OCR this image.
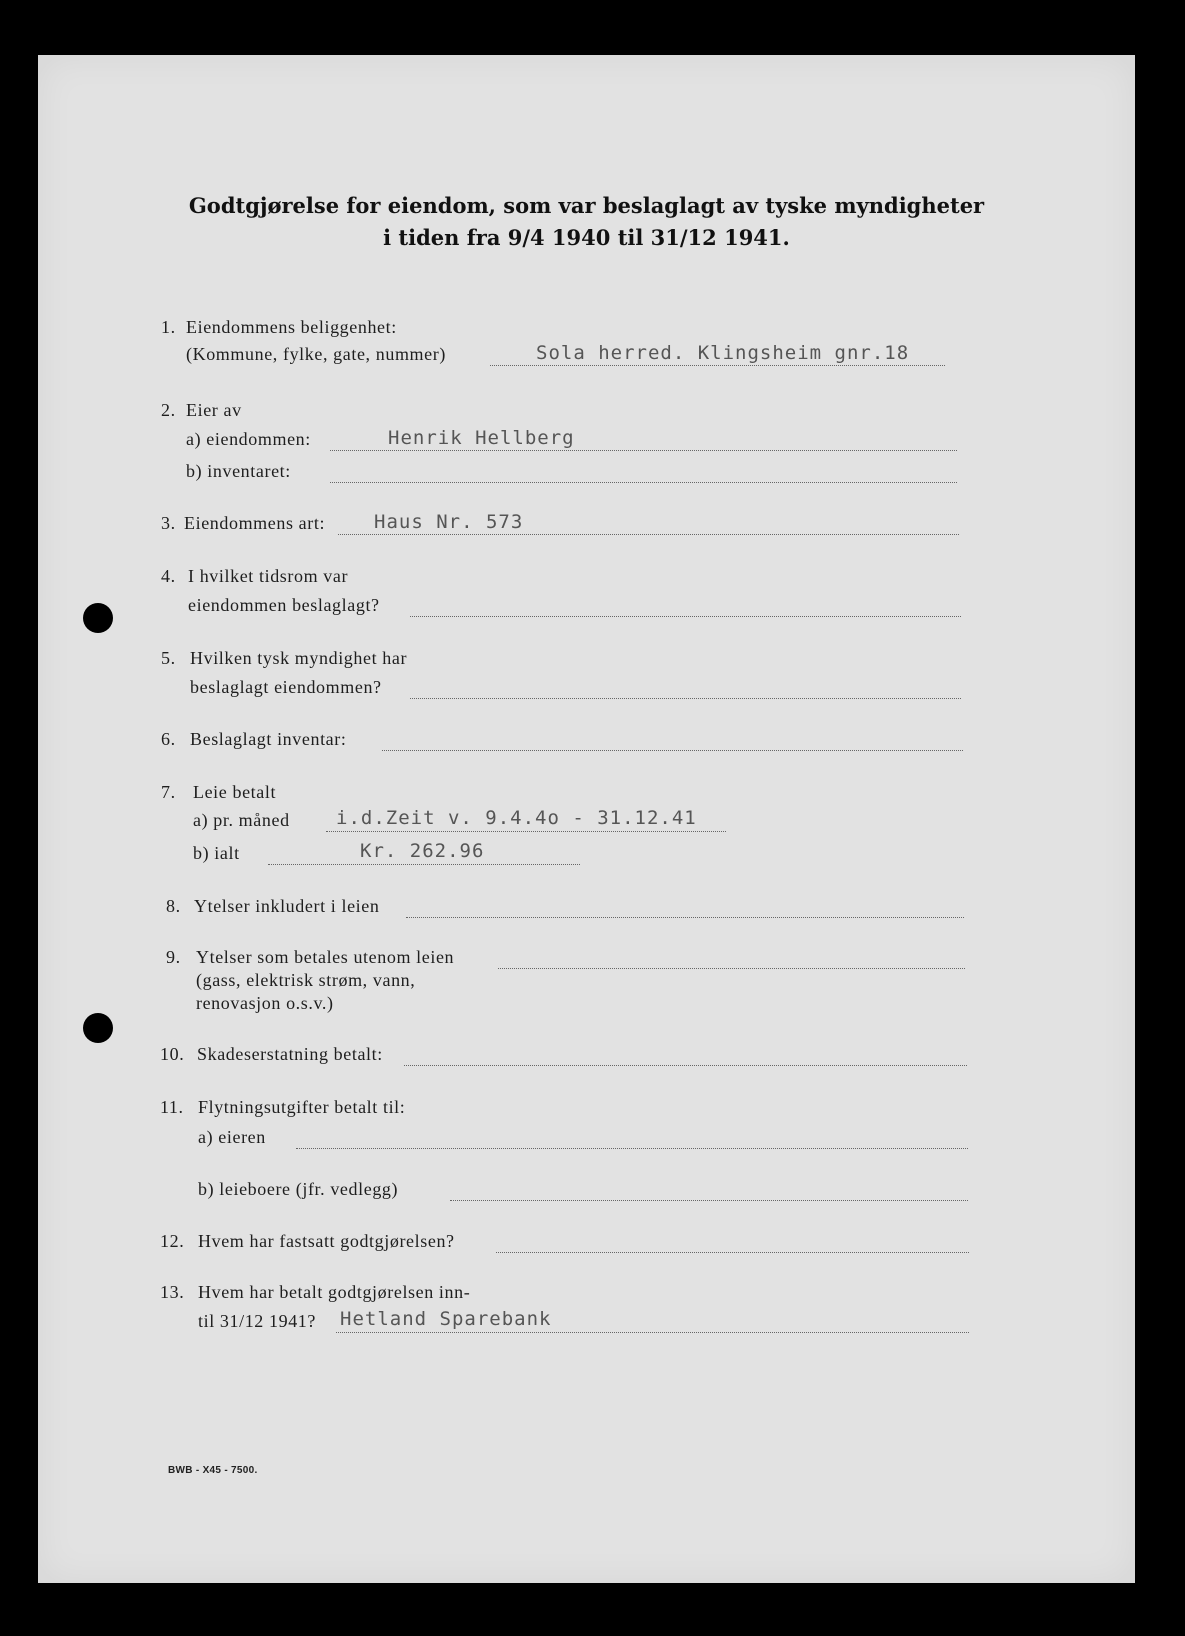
Godtgjørelse for eiendom, som var beslaglagt av tyske myndigheter
i tiden fra 9/4 1940 til 31/12 1941.
1. Eiendommens beliggenhet:
(Kommune, fylke, gate, nummer)	Sola herred. Klingsheim gnr.18
2. Eier av
a) eiendommen:	Henrik Hellberg
b) inventaret:
3. Eiendommens art:	Haus Nr. 573
4. I hvilket tidsrom var
eiendommen beslaglagt?
5. Hvilken tysk myndighet har
beslaglagt eiendommen?
6. Beslaglagt inventar:
7. Leie betalt
a) pr. måned i.d.Zeit v. 9.4.4o - 31.12.41
b) ialt	Kr. 262.96
8. Ytelser inkludert i leien
9. Ytelser som betales utenom leien
(gass, elektrisk strøm, vann,
renovasjon o.s.v.)
10. Skadeserstatning betalt:
11. Flytningsutgifter betalt til:
a) eieren
b) leieboere (jfr. vedlegg)
12. Hvem har fastsatt godtgjørelsen?
13. Hvem har betalt godtgjørelsen inn-
til 31/12 1941? Hetland Sparebank
BWB - X45 - 7500.
